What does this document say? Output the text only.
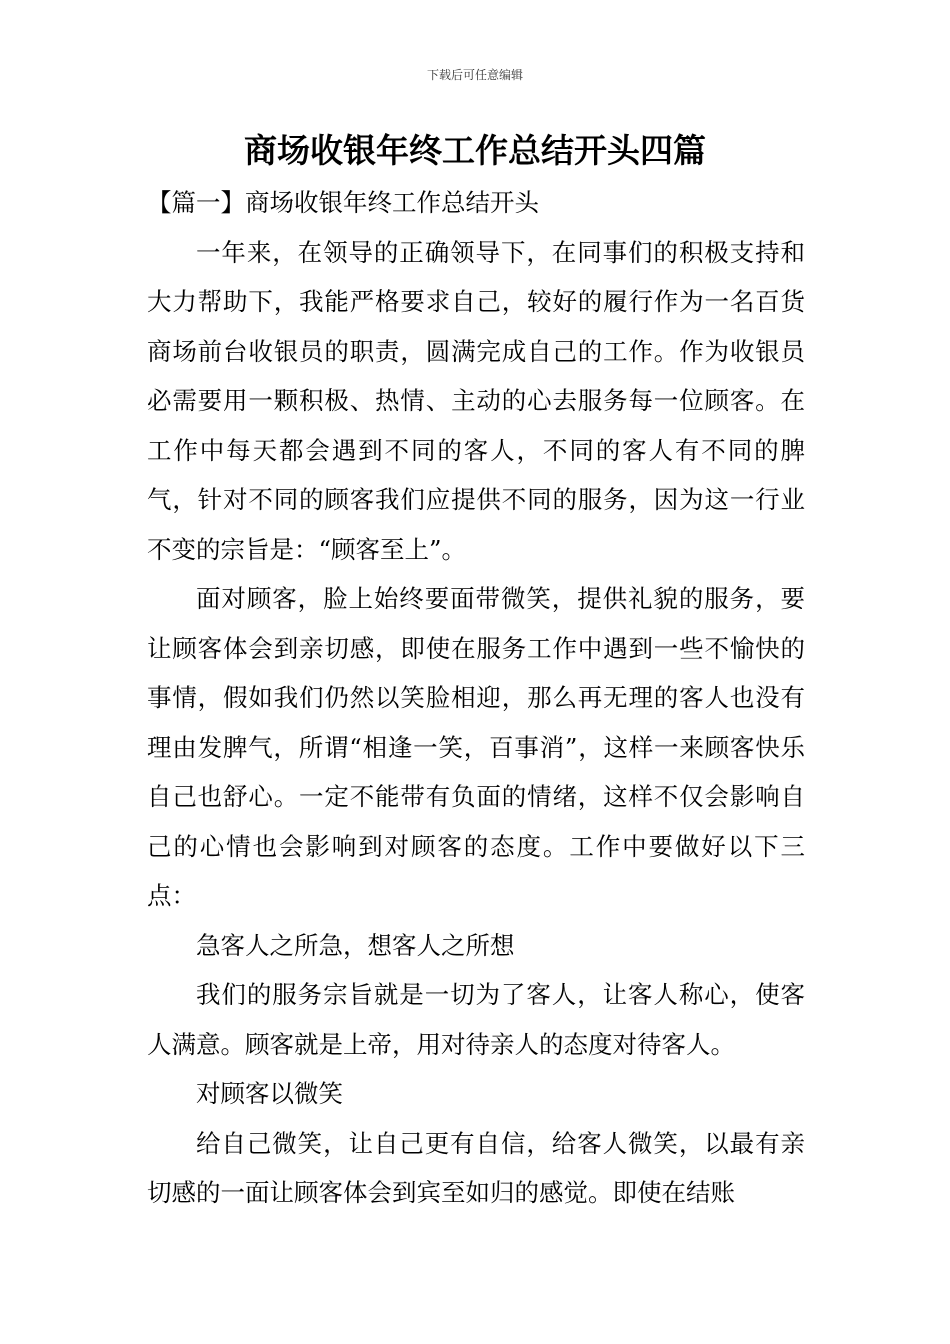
下载后可任意编辑
商场收银年终工作总结开头四篇

【篇一】商场收银年终工作总结开头

一年来，在领导的正确领导下，在同事们的积极支持和大力帮助下，我能严格要求自己，较好的履行作为一名百货商场前台收银员的职责，圆满完成自己的工作。作为收银员必需要用一颗积极、热情、主动的心去服务每一位顾客。在工作中每天都会遇到不同的客人，不同的客人有不同的脾气，针对不同的顾客我们应提供不同的服务，因为这一行业不变的宗旨是：“顾客至上”。

面对顾客，脸上始终要面带微笑，提供礼貌的服务，要让顾客体会到亲切感，即使在服务工作中遇到一些不愉快的事情，假如我们仍然以笑脸相迎，那么再无理的客人也没有理由发脾气，所谓“相逢一笑，百事消”，这样一来顾客快乐自己也舒心。一定不能带有负面的情绪，这样不仅会影响自己的心情也会影响到对顾客的态度。工作中要做好以下三点：

急客人之所急，想客人之所想

我们的服务宗旨就是一切为了客人，让客人称心，使客人满意。顾客就是上帝，用对待亲人的态度对待客人。

对顾客以微笑

给自己微笑，让自己更有自信，给客人微笑，以最有亲切感的一面让顾客体会到宾至如归的感觉。即使在结账
